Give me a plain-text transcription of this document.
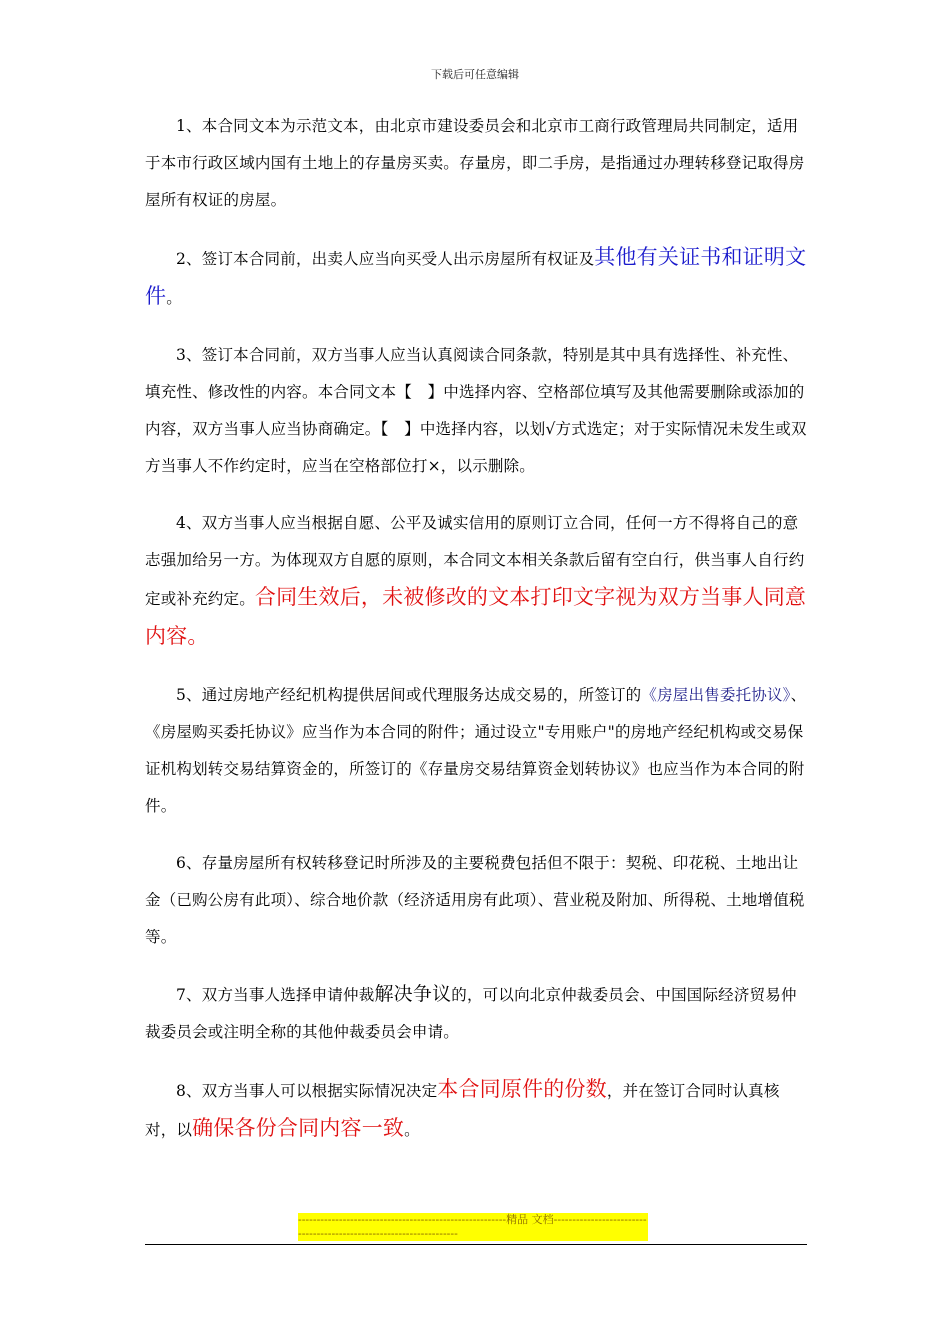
下载后可任意编辑

1、本合同文本为示范文本，由北京市建设委员会和北京市工商行政管理局共同制定，适用于本市行政区域内国有土地上的存量房买卖。存量房，即二手房，是指通过办理转移登记取得房屋所有权证的房屋。

2、签订本合同前，出卖人应当向买受人出示房屋所有权证及其他有关证书和证明文件。

3、签订本合同前，双方当事人应当认真阅读合同条款，特别是其中具有选择性、补充性、填充性、修改性的内容。本合同文本【　】中选择内容、空格部位填写及其他需要删除或添加的内容，双方当事人应当协商确定。【　】中选择内容，以划√方式选定；对于实际情况未发生或双方当事人不作约定时，应当在空格部位打×，以示删除。

4、双方当事人应当根据自愿、公平及诚实信用的原则订立合同，任何一方不得将自己的意志强加给另一方。为体现双方自愿的原则，本合同文本相关条款后留有空白行，供当事人自行约定或补充约定。合同生效后，未被修改的文本打印文字视为双方当事人同意内容。

5、通过房地产经纪机构提供居间或代理服务达成交易的，所签订的《房屋出售委托协议》、《房屋购买委托协议》应当作为本合同的附件；通过设立"专用账户"的房地产经纪机构或交易保证机构划转交易结算资金的，所签订的《存量房交易结算资金划转协议》也应当作为本合同的附件。

6、存量房屋所有权转移登记时所涉及的主要税费包括但不限于：契税、印花税、土地出让金（已购公房有此项）、综合地价款（经济适用房有此项）、营业税及附加、所得税、土地增值税等。

7、双方当事人选择申请仲裁解决争议的，可以向北京仲裁委员会、中国国际经济贸易仲裁委员会或注明全称的其他仲裁委员会申请。

8、双方当事人可以根据实际情况决定本合同原件的份数，并在签订合同时认真核对，以确保各份合同内容一致。

--------------------------------------------------------精品 文档--------------------------------------------------------------------
